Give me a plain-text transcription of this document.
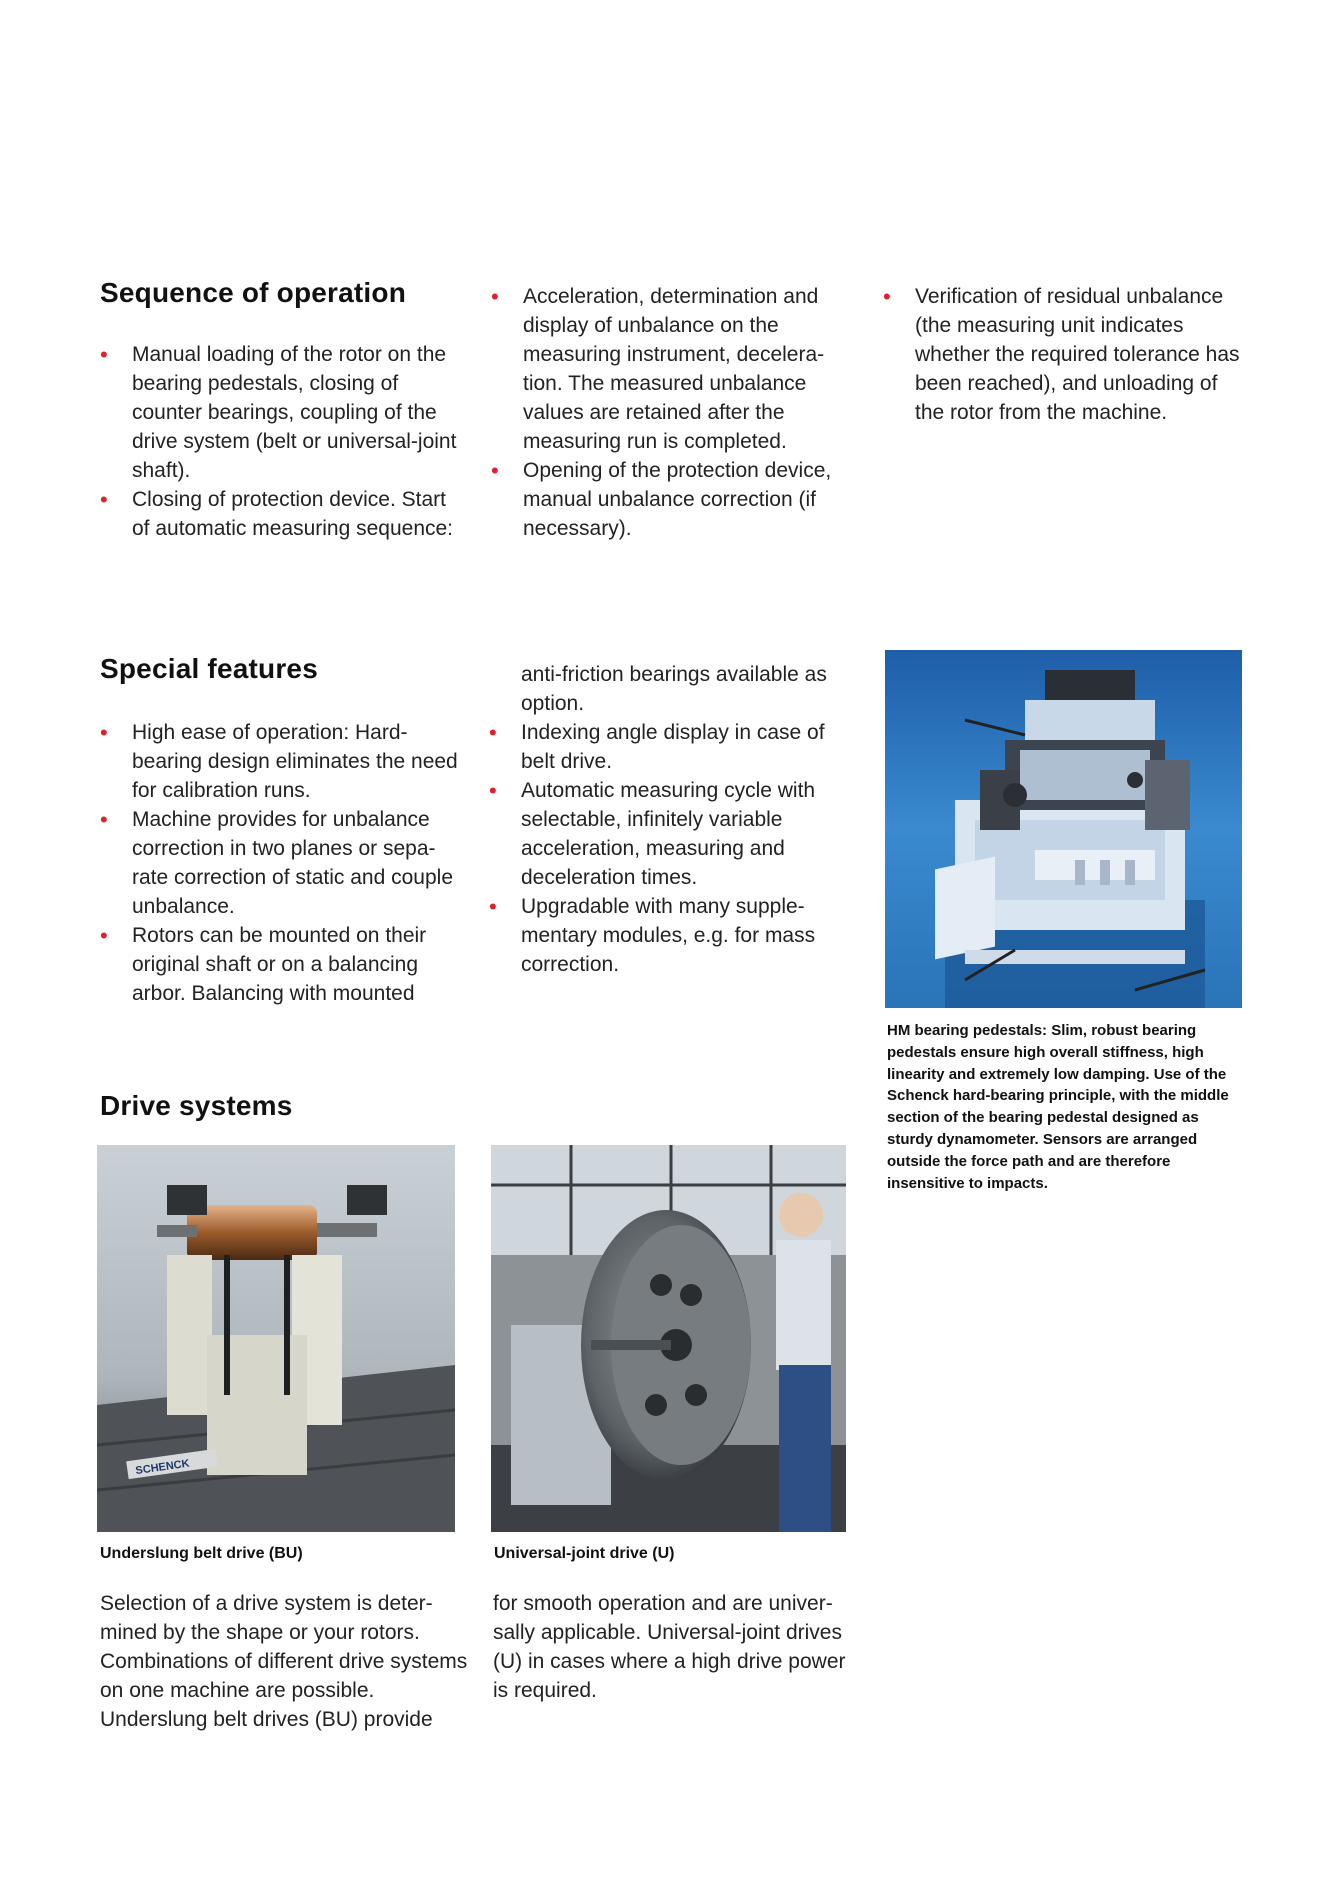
Sequence of operation
• Manual loading of the rotor on the bearing pedestals, closing of counter bearings, coupling of the drive system (belt or universal-joint shaft).
• Closing of protection device. Start of automatic measuring sequence:
• Acceleration, determination and display of unbalance on the measuring instrument, decelera-tion. The measured unbalance values are retained after the measuring run is completed.
• Opening of the protection device, manual unbalance correction (if necessary).
• Verification of residual unbalance (the measuring unit indicates whether the required tolerance has been reached), and unloading of the rotor from the machine.
Special features
• High ease of operation: Hard-bearing design eliminates the need for calibration runs.
• Machine provides for unbalance correction in two planes or sepa-rate correction of static and couple unbalance.
• Rotors can be mounted on their original shaft or on a balancing arbor. Balancing with mounted
anti-friction bearings available as option.
• Indexing angle display in case of belt drive.
• Automatic measuring cycle with selectable, infinitely variable acceleration, measuring and deceleration times.
• Upgradable with many supple-mentary modules, e.g. for mass correction.
HM bearing pedestals: Slim, robust bearing pedestals ensure high overall stiffness, high linearity and extremely low damping. Use of the Schenck hard-bearing principle, with the middle section of the bearing pedestal designed as sturdy dynamometer. Sensors are arranged outside the force path and are therefore insensitive to impacts.
Drive systems
SCHENCK
Underslung belt drive (BU)	Universal-joint drive (U)
Selection of a drive system is deter-mined by the shape or your rotors. Combinations of different drive systems on one machine are possible. Underslung belt drives (BU) provide
for smooth operation and are univer-sally applicable. Universal-joint drives (U) in cases where a high drive power is required.
